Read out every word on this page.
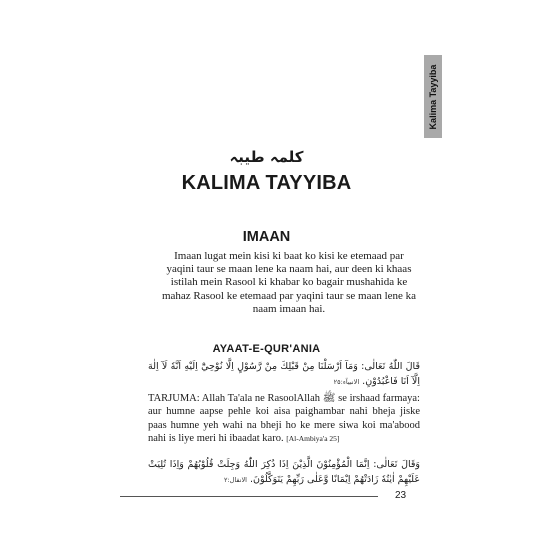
Kalima Tayyiba
کلمہ طیبہ
KALIMA TAYYIBA
IMAAN
Imaan lugat mein kisi ki baat ko kisi ke etemaad par yaqini taur se maan lene ka naam hai, aur deen ki khaas istilah mein Rasool ki khabar ko bagair mushahida ke mahaz Rasool ke etemaad par yaqini taur se maan lene ka naam imaan hai.
AYAAT-E-QUR'ANIA
قَالَ اللّٰهُ تَعَالٰى: وَمَآ اَرْسَلْنَا مِنْ قَبْلِكَ مِنْ رَّسُوْلٍ اِلَّا نُوْحِيْٓ اِلَيْهِ اَنَّهٗ لَآ اِلٰهَ اِلَّآ اَنَا فَاعْبُدُوْنِ. الانبيآء:٢٥
TARJUMA: Allah Ta'ala ne RasoolAllah ﷺ se irshaad farmaya: aur humne aapse pehle koi aisa paighambar nahi bheja jiske paas humne yeh wahi na bheji ho ke mere siwa koi ma'abood nahi is liye meri hi ibaadat karo. [Al-Ambiya'a 25]
وَقَالَ تَعَالٰى: اِنَّمَا الْمُؤْمِنُوْنَ الَّذِيْنَ اِذَا ذُكِرَ اللّٰهُ وَجِلَتْ قُلُوْبُهُمْ وَاِذَا تُلِيَتْ عَلَيْهِمْ اٰيٰتُهٗ زَادَتْهُمْ اِيْمَانًا وَّعَلٰى رَبِّهِمْ يَتَوَكَّلُوْنَ. الانفال:٢
23
